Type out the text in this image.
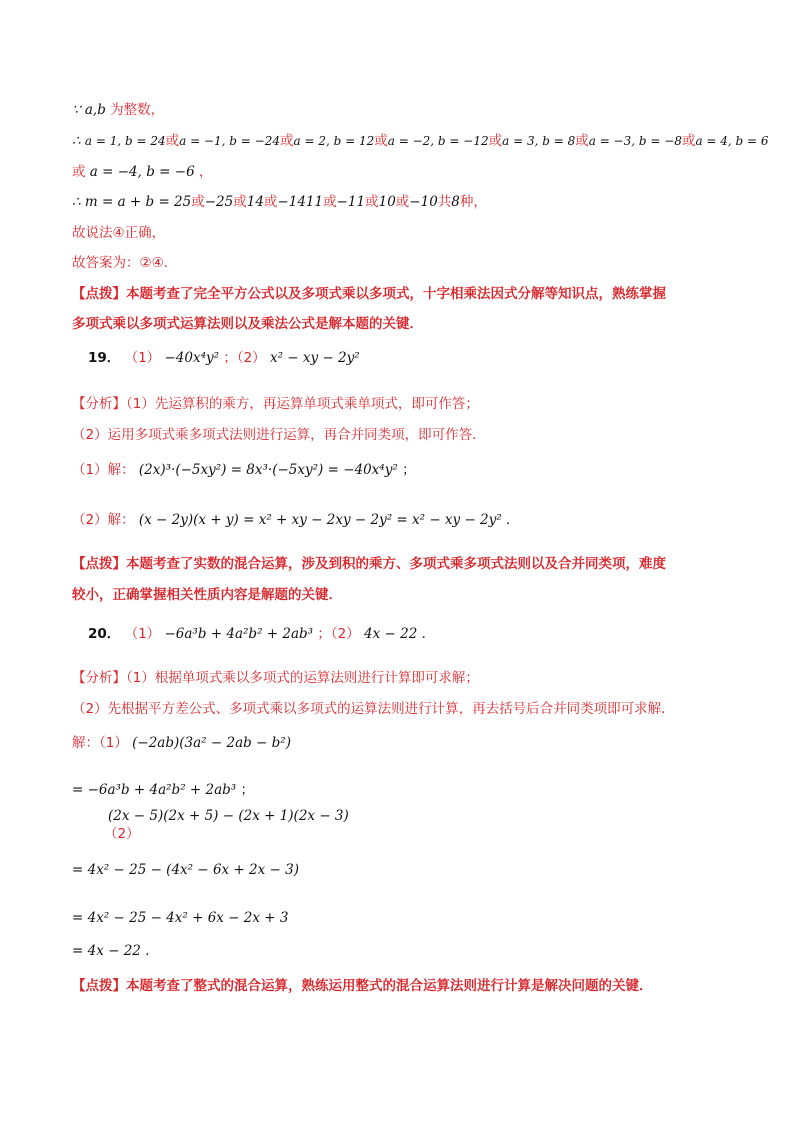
∵ a,b 为整数，
∴ a = 1, b = 24或a = −1, b = −24或a = 2, b = 12或a = −2, b = −12或a = 3, b = 8或a = −3, b = −8或a = 4, b = 6
或 a = −4, b = −6 ，
∴ m = a + b = 25或−25或14或−1411或−11或10或−10共8种，
故说法④正确，
故答案为：②④．
【点拨】本题考查了完全平方公式以及多项式乘以多项式，十字相乘法因式分解等知识点，熟练掌握
多项式乘以多项式运算法则以及乘法公式是解本题的关键．
19． （1） −40x⁴y² ；（2） x² − xy − 2y²
【分析】（1）先运算积的乘方，再运算单项式乘单项式，即可作答；
（2）运用多项式乘多项式法则进行运算，再合并同类项，即可作答．
（1）解： (2x)³·(−5xy²) = 8x³·(−5xy²) = −40x⁴y² ；
（2）解： (x − 2y)(x + y) = x² + xy − 2xy − 2y² = x² − xy − 2y² ．
【点拨】本题考查了实数的混合运算，涉及到积的乘方、多项式乘多项式法则以及合并同类项，难度
较小，正确掌握相关性质内容是解题的关键．
20． （1） −6a³b + 4a²b² + 2ab³ ；（2） 4x − 22 ．
【分析】（1）根据单项式乘以多项式的运算法则进行计算即可求解；
（2）先根据平方差公式、多项式乘以多项式的运算法则进行计算，再去括号后合并同类项即可求解．
解：（1） (−2ab)(3a² − 2ab − b²)
= −6a³b + 4a²b² + 2ab³ ；
(2x − 5)(2x + 5) − (2x + 1)(2x − 3)
（2）
= 4x² − 25 − (4x² − 6x + 2x − 3)
= 4x² − 25 − 4x² + 6x − 2x + 3
= 4x − 22 ．
【点拨】本题考查了整式的混合运算，熟练运用整式的混合运算法则进行计算是解决问题的关键．
